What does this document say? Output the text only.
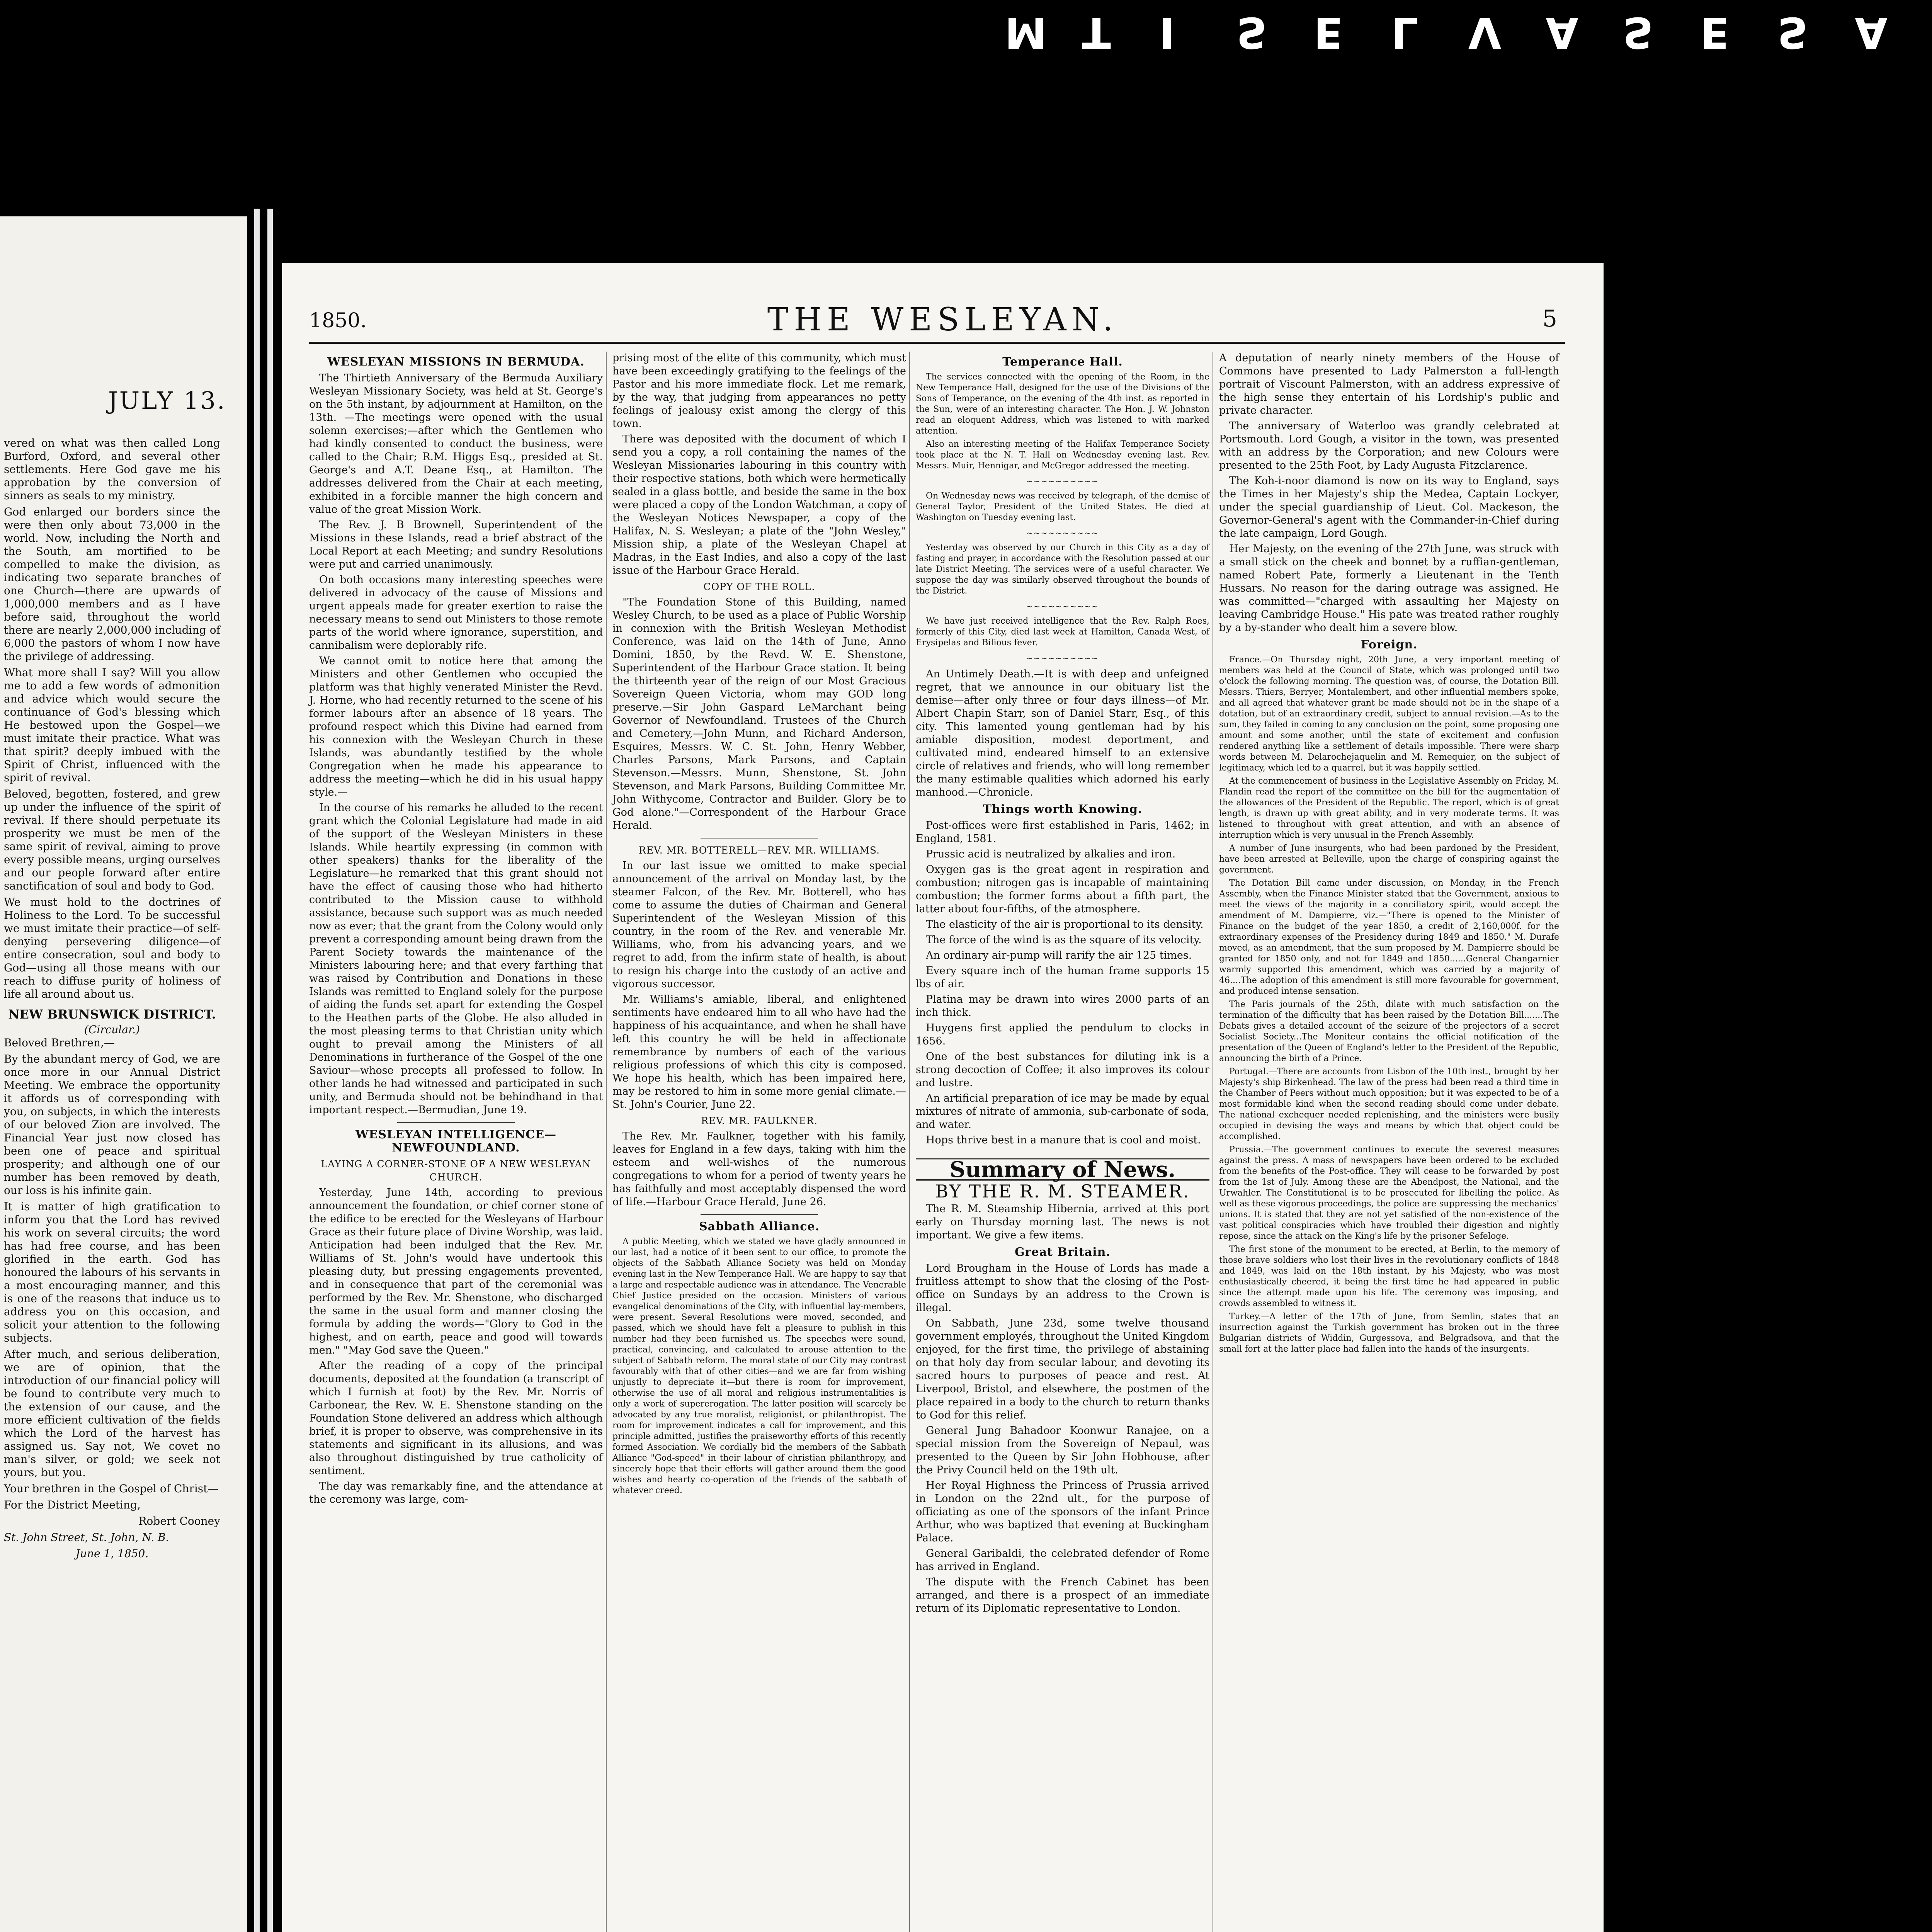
M T I S E L V A S E S A
JULY 13.

vered on what was then called Long Burford, Oxford, and several other settlements. Here God gave me his approbation by the conversion of sinners as seals to my ministry.

God enlarged our borders since the were then only about 73,000 in the world. Now, including the North and the South, am mortified to be compelled to make the division, as indicating two separate branches of one Church—there are upwards of 1,000,000 members and as I have before said, throughout the world there are nearly 2,000,000 including of 6,000 the pastors of whom I now have the privilege of addressing.

What more shall I say? Will you allow me to add a few words of admonition and advice which would secure the continuance of God's blessing which He bestowed upon the Gospel—we must imitate their practice. What was that spirit? deeply imbued with the Spirit of Christ, influenced with the spirit of revival.

Beloved, begotten, fostered, and grew up under the influence of the spirit of revival. If there should perpetuate its prosperity we must be men of the same spirit of revival, aiming to prove every possible means, urging ourselves and our people forward after entire sanctification of soul and body to God.

We must hold to the doctrines of Holiness to the Lord. To be successful we must imitate their practice—of self-denying persevering diligence—of entire consecration, soul and body to God—using all those means with our reach to diffuse purity of holiness of life all around about us.

NEW BRUNSWICK DISTRICT.
(Circular.)

Beloved Brethren,—

By the abundant mercy of God, we are once more in our Annual District Meeting. We embrace the opportunity it affords us of corresponding with you, on subjects, in which the interests of our beloved Zion are involved. The Financial Year just now closed has been one of peace and spiritual prosperity; and although one of our number has been removed by death, our loss is his infinite gain.

It is matter of high gratification to inform you that the Lord has revived his work on several circuits; the word has had free course, and has been glorified in the earth. God has honoured the labours of his servants in a most encouraging manner, and this is one of the reasons that induce us to address you on this occasion, and solicit your attention to the following subjects.

After much, and serious deliberation, we are of opinion, that the introduction of our financial policy will be found to contribute very much to the extension of our cause, and the more efficient cultivation of the fields which the Lord of the harvest has assigned us. Say not, We covet no man's silver, or gold; we seek not yours, but you.

Your brethren in the Gospel of Christ—

For the District Meeting,

Robert Cooney

St. John Street, St. John, N. B.

June 1, 1850.

1850.	THE WESLEYAN.	5
WESLEYAN MISSIONS IN BERMUDA.

The Thirtieth Anniversary of the Bermuda Auxiliary Wesleyan Missionary Society, was held at St. George's on the 5th instant, by adjournment at Hamilton, on the 13th. —The meetings were opened with the usual solemn exercises;—after which the Gentlemen who had kindly consented to conduct the business, were called to the Chair; R.M. Higgs Esq., presided at St. George's and A.T. Deane Esq., at Hamilton. The addresses delivered from the Chair at each meeting, exhibited in a forcible manner the high concern and value of the great Mission Work.

The Rev. J. B Brownell, Superintendent of the Missions in these Islands, read a brief abstract of the Local Report at each Meeting; and sundry Resolutions were put and carried unanimously.

On both occasions many interesting speeches were delivered in advocacy of the cause of Missions and urgent appeals made for greater exertion to raise the necessary means to send out Ministers to those remote parts of the world where ignorance, superstition, and cannibalism were deplorably rife.

We cannot omit to notice here that among the Ministers and other Gentlemen who occupied the platform was that highly venerated Minister the Revd. J. Horne, who had recently returned to the scene of his former labours after an absence of 18 years. The profound respect which this Divine had earned from his connexion with the Wesleyan Church in these Islands, was abundantly testified by the whole Congregation when he made his appearance to address the meeting—which he did in his usual happy style.—

In the course of his remarks he alluded to the recent grant which the Colonial Legislature had made in aid of the support of the Wesleyan Ministers in these Islands. While heartily expressing (in common with other speakers) thanks for the liberality of the Legislature—he remarked that this grant should not have the effect of causing those who had hitherto contributed to the Mission cause to withhold assistance, because such support was as much needed now as ever; that the grant from the Colony would only prevent a corresponding amount being drawn from the Parent Society towards the maintenance of the Ministers labouring here; and that every farthing that was raised by Contribution and Donations in these Islands was remitted to England solely for the purpose of aiding the funds set apart for extending the Gospel to the Heathen parts of the Globe. He also alluded in the most pleasing terms to that Christian unity which ought to prevail among the Ministers of all Denominations in furtherance of the Gospel of the one Saviour—whose precepts all professed to follow. In other lands he had witnessed and participated in such unity, and Bermuda should not be behindhand in that important respect.—Bermudian, June 19.

WESLEYAN INTELLIGENCE—NEWFOUNDLAND.
LAYING A CORNER-STONE OF A NEW WESLEYAN CHURCH.

Yesterday, June 14th, according to previous announcement the foundation, or chief corner stone of the edifice to be erected for the Wesleyans of Harbour Grace as their future place of Divine Worship, was laid. Anticipation had been indulged that the Rev. Mr. Williams of St. John's would have undertook this pleasing duty, but pressing engagements prevented, and in consequence that part of the ceremonial was performed by the Rev. Mr. Shenstone, who discharged the same in the usual form and manner closing the formula by adding the words—"Glory to God in the highest, and on earth, peace and good will towards men." "May God save the Queen."

After the reading of a copy of the principal documents, deposited at the foundation (a transcript of which I furnish at foot) by the Rev. Mr. Norris of Carbonear, the Rev. W. E. Shenstone standing on the Foundation Stone delivered an address which although brief, it is proper to observe, was comprehensive in its statements and significant in its allusions, and was also throughout distinguished by true catholicity of sentiment.

The day was remarkably fine, and the attendance at the ceremony was large, com-

prising most of the elite of this community, which must have been exceedingly gratifying to the feelings of the Pastor and his more immediate flock. Let me remark, by the way, that judging from appearances no petty feelings of jealousy exist among the clergy of this town.

There was deposited with the document of which I send you a copy, a roll containing the names of the Wesleyan Missionaries labouring in this country with their respective stations, both which were hermetically sealed in a glass bottle, and beside the same in the box were placed a copy of the London Watchman, a copy of the Wesleyan Notices Newspaper, a copy of the Halifax, N. S. Wesleyan; a plate of the "John Wesley," Mission ship, a plate of the Wesleyan Chapel at Madras, in the East Indies, and also a copy of the last issue of the Harbour Grace Herald.

COPY OF THE ROLL.

"The Foundation Stone of this Building, named Wesley Church, to be used as a place of Public Worship in connexion with the British Wesleyan Methodist Conference, was laid on the 14th of June, Anno Domini, 1850, by the Revd. W. E. Shenstone, Superintendent of the Harbour Grace station. It being the thirteenth year of the reign of our Most Gracious Sovereign Queen Victoria, whom may GOD long preserve.—Sir John Gaspard LeMarchant being Governor of Newfoundland. Trustees of the Church and Cemetery,—John Munn, and Richard Anderson, Esquires, Messrs. W. C. St. John, Henry Webber, Charles Parsons, Mark Parsons, and Captain Stevenson.—Messrs. Munn, Shenstone, St. John Stevenson, and Mark Parsons, Building Committee Mr. John Withycome, Contractor and Builder. Glory be to God alone."—Correspondent of the Harbour Grace Herald.

REV. MR. BOTTERELL—REV. MR. WILLIAMS.

In our last issue we omitted to make special announcement of the arrival on Monday last, by the steamer Falcon, of the Rev. Mr. Botterell, who has come to assume the duties of Chairman and General Superintendent of the Wesleyan Mission of this country, in the room of the Rev. and venerable Mr. Williams, who, from his advancing years, and we regret to add, from the infirm state of health, is about to resign his charge into the custody of an active and vigorous successor.

Mr. Williams's amiable, liberal, and enlightened sentiments have endeared him to all who have had the happiness of his acquaintance, and when he shall have left this country he will be held in affectionate remembrance by numbers of each of the various religious professions of which this city is composed. We hope his health, which has been impaired here, may be restored to him in some more genial climate.—St. John's Courier, June 22.

REV. MR. FAULKNER.

The Rev. Mr. Faulkner, together with his family, leaves for England in a few days, taking with him the esteem and well-wishes of the numerous congregations to whom for a period of twenty years he has faithfully and most acceptably dispensed the word of life.—Harbour Grace Herald, June 26.

Sabbath Alliance.

A public Meeting, which we stated we have gladly announced in our last, had a notice of it been sent to our office, to promote the objects of the Sabbath Alliance Society was held on Monday evening last in the New Temperance Hall. We are happy to say that a large and respectable audience was in attendance. The Venerable Chief Justice presided on the occasion. Ministers of various evangelical denominations of the City, with influential lay-members, were present. Several Resolutions were moved, seconded, and passed, which we should have felt a pleasure to publish in this number had they been furnished us. The speeches were sound, practical, convincing, and calculated to arouse attention to the subject of Sabbath reform. The moral state of our City may contrast favourably with that of other cities—and we are far from wishing unjustly to depreciate it—but there is room for improvement, otherwise the use of all moral and religious instrumentalities is only a work of supererogation. The latter position will scarcely be advocated by any true moralist, religionist, or philanthropist. The room for improvement indicates a call for improvement, and this principle admitted, justifies the praiseworthy efforts of this recently formed Association. We cordially bid the members of the Sabbath Alliance "God-speed" in their labour of christian philanthropy, and sincerely hope that their efforts will gather around them the good wishes and hearty co-operation of the friends of the sabbath of whatever creed.

Temperance Hall.

The services connected with the opening of the Room, in the New Temperance Hall, designed for the use of the Divisions of the Sons of Temperance, on the evening of the 4th inst. as reported in the Sun, were of an interesting character. The Hon. J. W. Johnston read an eloquent Address, which was listened to with marked attention.

Also an interesting meeting of the Halifax Temperance Society took place at the N. T. Hall on Wednesday evening last. Rev. Messrs. Muir, Hennigar, and McGregor addressed the meeting.

~~~~~~~~~~

On Wednesday news was received by telegraph, of the demise of General Taylor, President of the United States. He died at Washington on Tuesday evening last.

~~~~~~~~~~

Yesterday was observed by our Church in this City as a day of fasting and prayer, in accordance with the Resolution passed at our late District Meeting. The services were of a useful character. We suppose the day was similarly observed throughout the bounds of the District.

~~~~~~~~~~

We have just received intelligence that the Rev. Ralph Roes, formerly of this City, died last week at Hamilton, Canada West, of Erysipelas and Bilious fever.

~~~~~~~~~~

An Untimely Death.—It is with deep and unfeigned regret, that we announce in our obituary list the demise—after only three or four days illness—of Mr. Albert Chapin Starr, son of Daniel Starr, Esq., of this city. This lamented young gentleman had by his amiable disposition, modest deportment, and cultivated mind, endeared himself to an extensive circle of relatives and friends, who will long remember the many estimable qualities which adorned his early manhood.—Chronicle.

Things worth Knowing.

Post-offices were first established in Paris, 1462; in England, 1581.

Prussic acid is neutralized by alkalies and iron.

Oxygen gas is the great agent in respiration and combustion; nitrogen gas is incapable of maintaining combustion; the former forms about a fifth part, the latter about four-fifths, of the atmosphere.

The elasticity of the air is proportional to its density.

The force of the wind is as the square of its velocity.

An ordinary air-pump will rarify the air 125 times.

Every square inch of the human frame supports 15 lbs of air.

Platina may be drawn into wires 2000 parts of an inch thick.

Huygens first applied the pendulum to clocks in 1656.

One of the best substances for diluting ink is a strong decoction of Coffee; it also improves its colour and lustre.

An artificial preparation of ice may be made by equal mixtures of nitrate of ammonia, sub-carbonate of soda, and water.

Hops thrive best in a manure that is cool and moist.

Summary of News.
BY THE R. M. STEAMER.

The R. M. Steamship Hibernia, arrived at this port early on Thursday morning last. The news is not important. We give a few items.

Great Britain.

Lord Brougham in the House of Lords has made a fruitless attempt to show that the closing of the Post-office on Sundays by an address to the Crown is illegal.

On Sabbath, June 23d, some twelve thousand government employés, throughout the United Kingdom enjoyed, for the first time, the privilege of abstaining on that holy day from secular labour, and devoting its sacred hours to purposes of peace and rest. At Liverpool, Bristol, and elsewhere, the postmen of the place repaired in a body to the church to return thanks to God for this relief.

General Jung Bahadoor Koonwur Ranajee, on a special mission from the Sovereign of Nepaul, was presented to the Queen by Sir John Hobhouse, after the Privy Council held on the 19th ult.

Her Royal Highness the Princess of Prussia arrived in London on the 22nd ult., for the purpose of officiating as one of the sponsors of the infant Prince Arthur, who was baptized that evening at Buckingham Palace.

General Garibaldi, the celebrated defender of Rome has arrived in England.

The dispute with the French Cabinet has been arranged, and there is a prospect of an immediate return of its Diplomatic representative to London.

A deputation of nearly ninety members of the House of Commons have presented to Lady Palmerston a full-length portrait of Viscount Palmerston, with an address expressive of the high sense they entertain of his Lordship's public and private character.

The anniversary of Waterloo was grandly celebrated at Portsmouth. Lord Gough, a visitor in the town, was presented with an address by the Corporation; and new Colours were presented to the 25th Foot, by Lady Augusta Fitzclarence.

The Koh-i-noor diamond is now on its way to England, says the Times in her Majesty's ship the Medea, Captain Lockyer, under the special guardianship of Lieut. Col. Mackeson, the Governor-General's agent with the Commander-in-Chief during the late campaign, Lord Gough.

Her Majesty, on the evening of the 27th June, was struck with a small stick on the cheek and bonnet by a ruffian-gentleman, named Robert Pate, formerly a Lieutenant in the Tenth Hussars. No reason for the daring outrage was assigned. He was committed—"charged with assaulting her Majesty on leaving Cambridge House." His pate was treated rather roughly by a by-stander who dealt him a severe blow.

Foreign.

France.—On Thursday night, 20th June, a very important meeting of members was held at the Council of State, which was prolonged until two o'clock the following morning. The question was, of course, the Dotation Bill. Messrs. Thiers, Berryer, Montalembert, and other influential members spoke, and all agreed that whatever grant be made should not be in the shape of a dotation, but of an extraordinary credit, subject to annual revision.—As to the sum, they failed in coming to any conclusion on the point, some proposing one amount and some another, until the state of excitement and confusion rendered anything like a settlement of details impossible. There were sharp words between M. Delarochejaquelin and M. Remequier, on the subject of legitimacy, which led to a quarrel, but it was happily settled.

At the commencement of business in the Legislative Assembly on Friday, M. Flandin read the report of the committee on the bill for the augmentation of the allowances of the President of the Republic. The report, which is of great length, is drawn up with great ability, and in very moderate terms. It was listened to throughout with great attention, and with an absence of interruption which is very unusual in the French Assembly.

A number of June insurgents, who had been pardoned by the President, have been arrested at Belleville, upon the charge of conspiring against the government.

The Dotation Bill came under discussion, on Monday, in the French Assembly, when the Finance Minister stated that the Government, anxious to meet the views of the majority in a conciliatory spirit, would accept the amendment of M. Dampierre, viz.—"There is opened to the Minister of Finance on the budget of the year 1850, a credit of 2,160,000f. for the extraordinary expenses of the Presidency during 1849 and 1850." M. Durafe moved, as an amendment, that the sum proposed by M. Dampierre should be granted for 1850 only, and not for 1849 and 1850......General Changarnier warmly supported this amendment, which was carried by a majority of 46....The adoption of this amendment is still more favourable for government, and produced intense sensation.

The Paris journals of the 25th, dilate with much satisfaction on the termination of the difficulty that has been raised by the Dotation Bill.......The Debats gives a detailed account of the seizure of the projectors of a secret Socialist Society...The Moniteur contains the official notification of the presentation of the Queen of England's letter to the President of the Republic, announcing the birth of a Prince.

Portugal.—There are accounts from Lisbon of the 10th inst., brought by her Majesty's ship Birkenhead. The law of the press had been read a third time in the Chamber of Peers without much opposition; but it was expected to be of a most formidable kind when the second reading should come under debate. The national exchequer needed replenishing, and the ministers were busily occupied in devising the ways and means by which that object could be accomplished.

Prussia.—The government continues to execute the severest measures against the press. A mass of newspapers have been ordered to be excluded from the benefits of the Post-office. They will cease to be forwarded by post from the 1st of July. Among these are the Abendpost, the National, and the Urwahler. The Constitutional is to be prosecuted for libelling the police. As well as these vigorous proceedings, the police are suppressing the mechanics' unions. It is stated that they are not yet satisfied of the non-existence of the vast political conspiracies which have troubled their digestion and nightly repose, since the attack on the King's life by the prisoner Sefeloge.

The first stone of the monument to be erected, at Berlin, to the memory of those brave soldiers who lost their lives in the revolutionary conflicts of 1848 and 1849, was laid on the 18th instant, by his Majesty, who was most enthusiastically cheered, it being the first time he had appeared in public since the attempt made upon his life. The ceremony was imposing, and crowds assembled to witness it.

Turkey.—A letter of the 17th of June, from Semlin, states that an insurrection against the Turkish government has broken out in the three Bulgarian districts of Widdin, Gurgessova, and Belgradsova, and that the small fort at the latter place had fallen into the hands of the insurgents.
